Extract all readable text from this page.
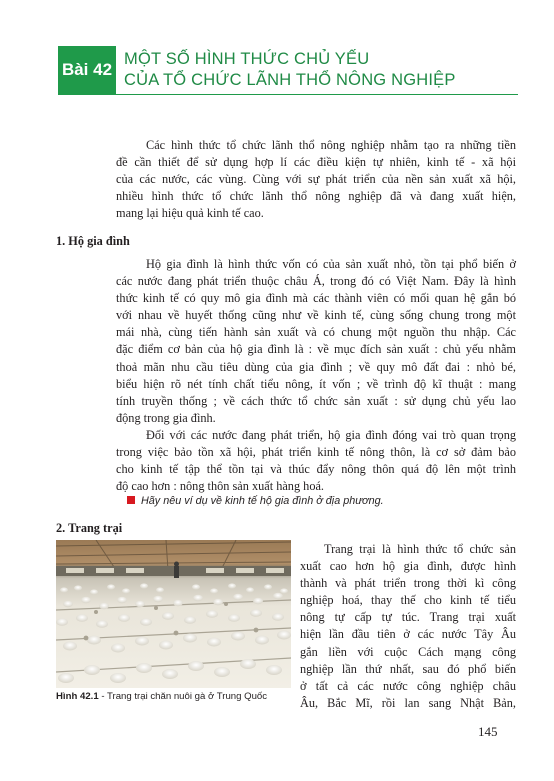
Bài 42
MỘT SỐ HÌNH THỨC CHỦ YẾU
CỦA TỔ CHỨC LÃNH THỔ NÔNG NGHIỆP
Các hình thức tổ chức lãnh thổ nông nghiệp nhằm tạo ra những tiền
đề cần thiết để sử dụng hợp lí các điều kiện tự nhiên, kinh tế - xã hội
của các nước, các vùng. Cùng với sự phát triển của nền sản xuất xã hội,
nhiều hình thức tổ chức lãnh thổ nông nghiệp đã và đang xuất hiện,
mang lại hiệu quả kinh tế cao.
1. Hộ gia đình
Hộ gia đình là hình thức vốn có của sản xuất nhỏ, tồn tại phổ biến ở
các nước đang phát triển thuộc châu Á, trong đó có Việt Nam. Đây là hình
thức kinh tế có quy mô gia đình mà các thành viên có mối quan hệ gắn bó
với nhau về huyết thống cũng như về kinh tế, cùng sống chung trong một
mái nhà, cùng tiến hành sản xuất và có chung một nguồn thu nhập. Các
đặc điểm cơ bản của hộ gia đình là : về mục đích sản xuất : chủ yếu nhằm
thoả mãn nhu cầu tiêu dùng của gia đình ; về quy mô đất đai : nhỏ bé,
biểu hiện rõ nét tính chất tiểu nông, ít vốn ; về trình độ kĩ thuật : mang
tính truyền thống ; về cách thức tổ chức sản xuất : sử dụng chủ yếu lao
động trong gia đình.
Đối với các nước đang phát triển, hộ gia đình đóng vai trò quan trọng
trong việc bảo tồn xã hội, phát triển kinh tế nông thôn, là cơ sở đảm bảo
cho kinh tế tập thể tồn tại và thúc đẩy nông thôn quá độ lên một trình
độ cao hơn : nông thôn sản xuất hàng hoá.
Hãy nêu ví dụ về kinh tế hộ gia đình ở địa phương.
2. Trang trại
Hình 42.1 - Trang trại chăn nuôi gà ở Trung Quốc
Trang trại là hình thức tổ chức sản
xuất cao hơn hộ gia đình, được hình
thành và phát triển trong thời kì công
nghiệp hoá, thay thế cho kinh tế tiểu
nông tự cấp tự túc. Trang trại xuất
hiện lần đầu tiên ở các nước Tây Âu
gắn liền với cuộc Cách mạng công
nghiệp lần thứ nhất, sau đó phổ biến
ở tất cả các nước công nghiệp châu
Âu, Bắc Mĩ, rồi lan sang Nhật Bản,
145
